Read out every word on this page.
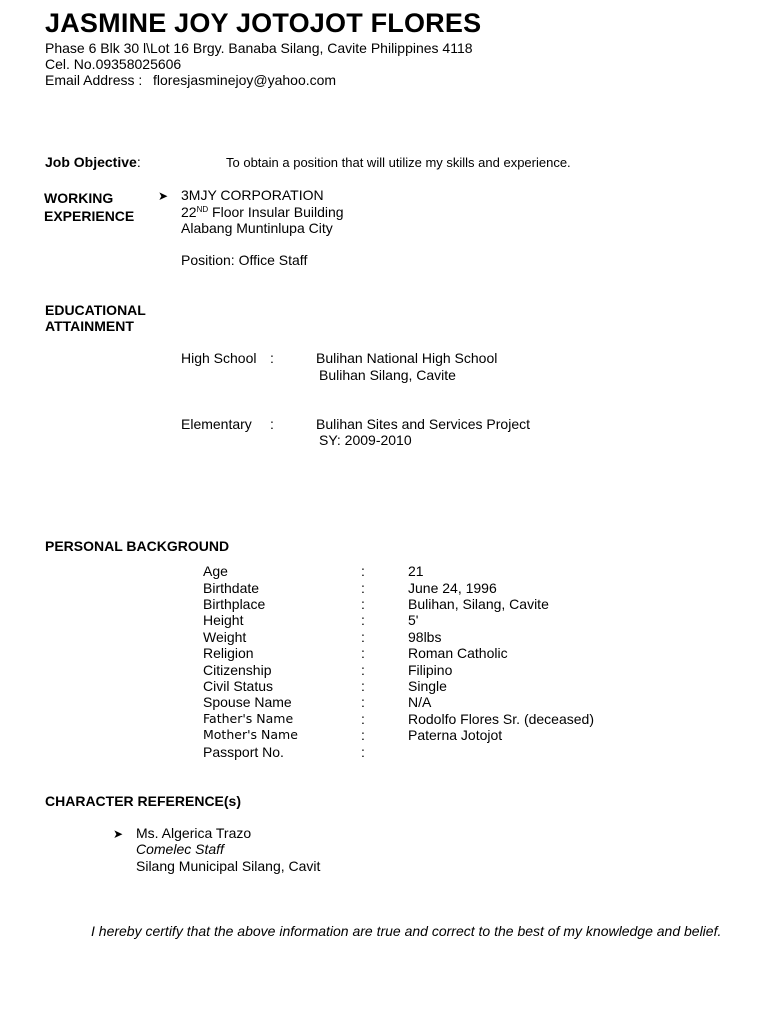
JASMINE JOY JOTOJOT FLORES
Phase 6 Blk 30 l\Lot 16 Brgy. Banaba Silang, Cavite Philippines 4118
Cel. No.09358025606
Email Address : floresjasminejoy@yahoo.com
Job Objective:	To obtain a position that will utilize my skills and experience.
WORKING
EXPERIENCE
➤ 3MJY CORPORATION
22ND Floor Insular Building
Alabang Muntinlupa City
Position: Office Staff
EDUCATIONAL
ATTAINMENT
High School :	Bulihan National High School
Bulihan Silang, Cavite
Elementary :	Bulihan Sites and Services Project
SY: 2009-2010
PERSONAL BACKGROUND
Age	:	21
Birthdate	:	June 24, 1996
Birthplace	:	Bulihan, Silang, Cavite
Height	:	5'
Weight	:	98lbs
Religion	:	Roman Catholic
Citizenship	:	Filipino
Civil Status	:	Single
Spouse Name	:	N/A
Father's Name	:	Rodolfo Flores Sr. (deceased)
Mother's Name	:	Paterna Jotojot
Passport No.	:
CHARACTER REFERENCE(s)
➤ Ms. Algerica Trazo
Comelec Staff
Silang Municipal Silang, Cavit
I hereby certify that the above information are true and correct to the best of my knowledge and belief.
